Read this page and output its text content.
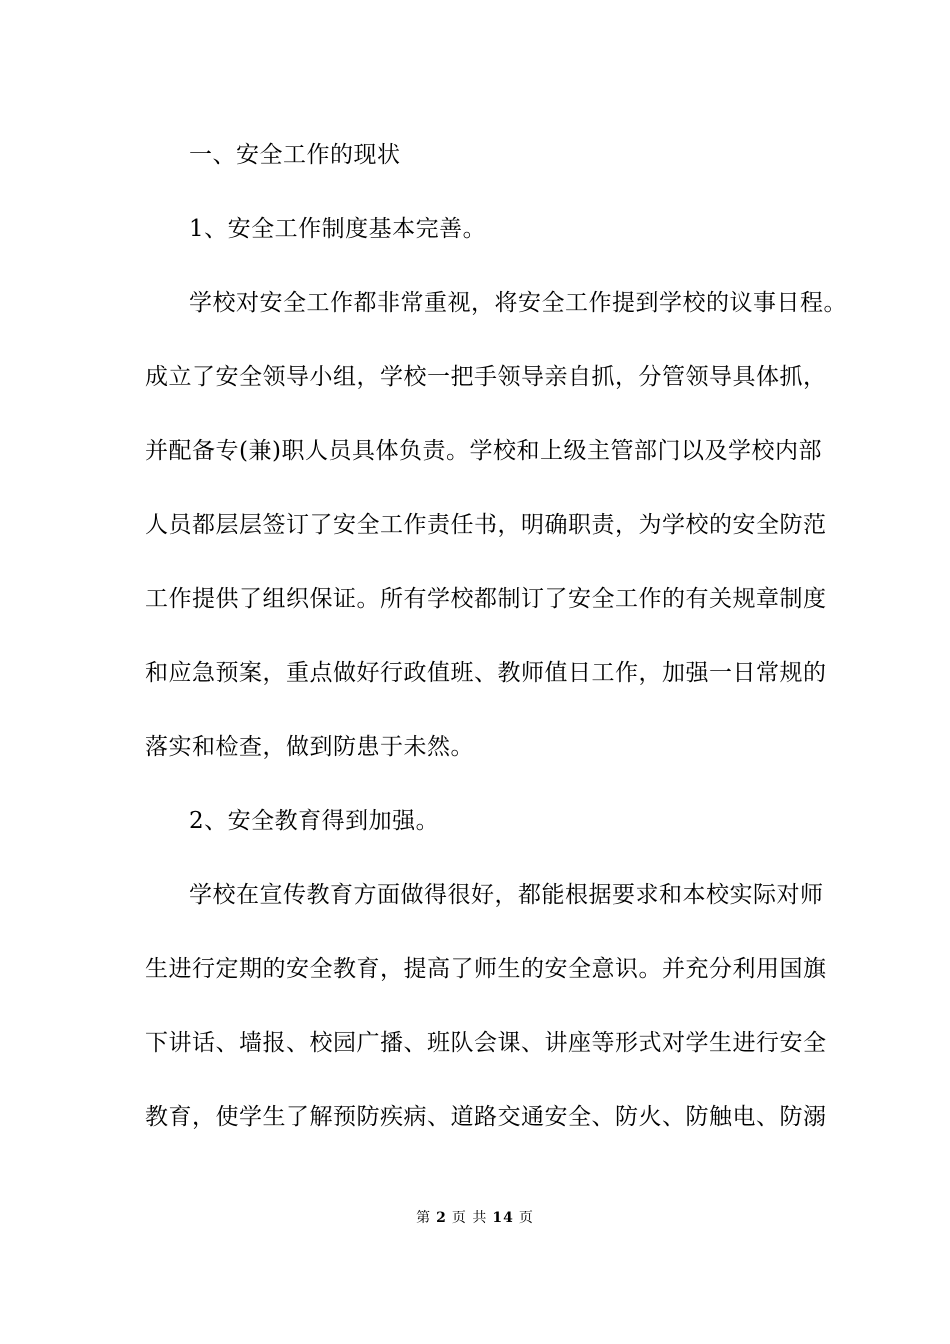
一、安全工作的现状

1、安全工作制度基本完善。

学校对安全工作都非常重视，将安全工作提到学校的议事日程。

成立了安全领导小组，学校一把手领导亲自抓，分管领导具体抓，

并配备专(兼)职人员具体负责。学校和上级主管部门以及学校内部

人员都层层签订了安全工作责任书，明确职责，为学校的安全防范

工作提供了组织保证。所有学校都制订了安全工作的有关规章制度

和应急预案，重点做好行政值班、教师值日工作，加强一日常规的

落实和检查，做到防患于未然。

2、安全教育得到加强。

学校在宣传教育方面做得很好，都能根据要求和本校实际对师

生进行定期的安全教育，提高了师生的安全意识。并充分利用国旗

下讲话、墙报、校园广播、班队会课、讲座等形式对学生进行安全

教育，使学生了解预防疾病、道路交通安全、防火、防触电、防溺

第 2 页 共 14 页
